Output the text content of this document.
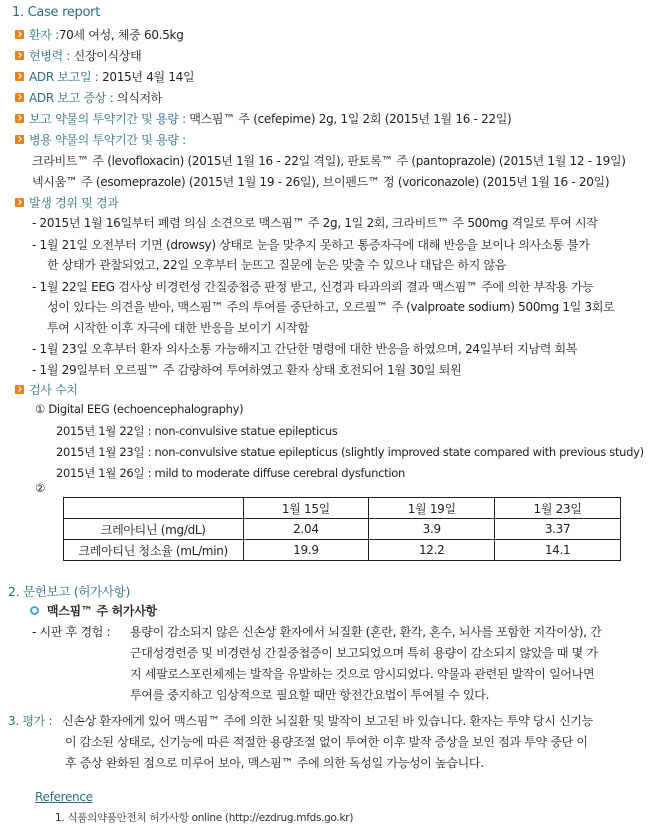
1. Case report
환자 :70세 여성, 체중 60.5kg
현병력 : 신장이식상태
ADR 보고일 : 2015년 4월 14일
ADR 보고 증상 : 의식저하
보고 약물의 투약기간 및 용량 : 맥스핌™ 주 (cefepime) 2g, 1일 2회 (2015년 1월 16 - 22일)
병용 약물의 투약기간 및 용량 :
크라비트™ 주 (levofloxacin) (2015년 1월 16 - 22일 격일), 판토록™ 주 (pantoprazole) (2015년 1월 12 - 19일)
넥시움™ 주 (esomeprazole) (2015년 1월 19 - 26일), 브이펜드™ 정 (voriconazole) (2015년 1월 16 - 20일)
발생 경위 및 경과
- 2015년 1월 16일부터 폐렴 의심 소견으로 맥스핌™ 주 2g, 1일 2회, 크라비트™ 주 500mg 격일로 투여 시작
- 1월 21일 오전부터 기면 (drowsy) 상태로 눈을 맞추지 못하고 통증자극에 대해 반응을 보이나 의사소통 불가
한 상태가 관찰되었고, 22일 오후부터 눈뜨고 질문에 눈은 맞출 수 있으나 대답은 하지 않음
- 1월 22일 EEG 검사상 비경련성 간질중첩증 판정 받고, 신경과 타과의뢰 결과 맥스핌™ 주에 의한 부작용 가능
성이 있다는 의견을 받아, 맥스핌™ 주의 투여를 중단하고, 오르필™ 주 (valproate sodium) 500mg 1일 3회로
투여 시작한 이후 자극에 대한 반응을 보이기 시작함
- 1월 23일 오후부터 환자 의사소통 가능해지고 간단한 명령에 대한 반응을 하였으며, 24일부터 지남력 회복
- 1월 29일부터 오르필™ 주 감량하여 투여하였고 환자 상태 호전되어 1월 30일 퇴원
검사 수치
① Digital EEG (echoencephalography)
2015년 1월 22일 : non-convulsive statue epilepticus
2015년 1월 23일 : non-convulsive statue epilepticus (slightly improved state compared with previous study)
2015년 1월 26일 : mild to moderate diffuse cerebral dysfunction
②
	1월 15일	1월 19일	1월 23일
크레아티닌 (mg/dL)	2.04	3.9	3.37
크레아티닌 청소율 (mL/min)	19.9	12.2	14.1
2. 문헌보고 (허가사항)
맥스핌™ 주 허가사항
- 시판 후 경험 : 용량이 감소되지 않은 신손상 환자에서 뇌질환 (혼란, 환각, 혼수, 뇌사를 포함한 지각이상), 간
근대성경련증 및 비경련성 간질중첩증이 보고되었으며 특히 용량이 감소되지 않았을 때 몇 가
지 세팔로스포린제제는 발작을 유발하는 것으로 암시되었다. 약물과 관련된 발작이 일어나면
투여를 중지하고 임상적으로 필요할 때만 항전간요법이 투여될 수 있다.
3. 평가 : 신손상 환자에게 있어 맥스핌™ 주에 의한 뇌질환 및 발작이 보고된 바 있습니다. 환자는 투약 당시 신기능
이 감소된 상태로, 신기능에 따른 적절한 용량조절 없이 투여한 이후 발작 증상을 보인 점과 투약 중단 이
후 증상 완화된 점으로 미루어 보아, 맥스핌™ 주에 의한 독성일 가능성이 높습니다.
Reference
1. 식품의약품안전처 허가사항 online (http://ezdrug.mfds.go.kr)
